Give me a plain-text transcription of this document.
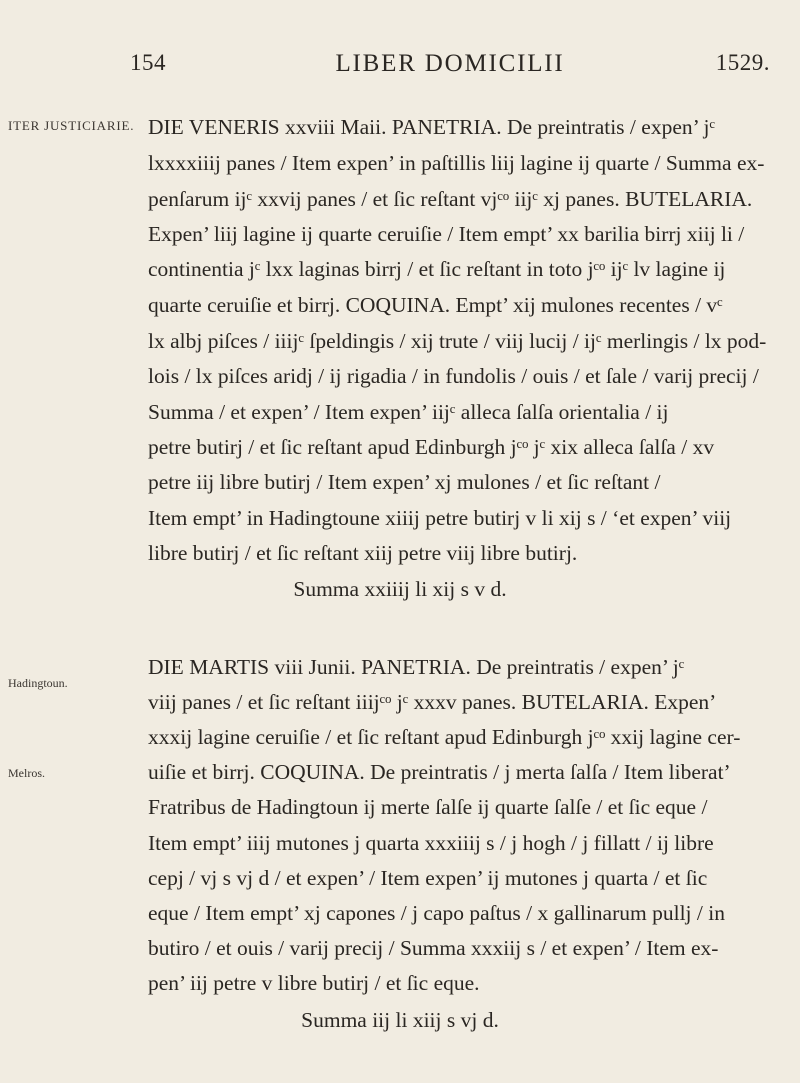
154	LIBER DOMICILII	1529.
ITER JUSTICIARIE.
Hadingtoun.
Melros.
DIE VENERIS xxviii Maii. PANETRIA. De preintratis / expen’ jᶜ
lxxxxiiij panes / Item expen’ in paſtillis liij lagine ij quarte / Summa ex-
penſarum ijᶜ xxvij panes / et ſic reſtant vjᶜᵒ iijᶜ xj panes. BUTELARIA.
Expen’ liij lagine ij quarte ceruiſie / Item empt’ xx barilia birrj xiij li /
continentia jᶜ lxx laginas birrj / et ſic reſtant in toto jᶜᵒ ijᶜ lv lagine ij
quarte ceruiſie et birrj. COQUINA. Empt’ xij mulones recentes / vᶜ
lx albj piſces / iiijᶜ ſpeldingis / xij trute / viij lucij / ijᶜ merlingis / lx pod-
lois / lx piſces aridj / ij rigadia / in fundolis / ouis / et ſale / varij precij /
Summa / et expen’ / Item expen’ iijᶜ alleca ſalſa orientalia / ij
petre butirj / et ſic reſtant apud Edinburgh jᶜᵒ jᶜ xix alleca ſalſa / xv
petre iij libre butirj / Item expen’ xj mulones / et ſic reſtant /
Item empt’ in Hadingtoune xiiij petre butirj v li xij s / ‘et expen’ viij
libre butirj / et ſic reſtant xiij petre viij libre butirj.
Summa xxiiij li xij s v d.
DIE MARTIS viii Junii. PANETRIA. De preintratis / expen’ jᶜ
viij panes / et ſic reſtant iiijᶜᵒ jᶜ xxxv panes. BUTELARIA. Expen’
xxxij lagine ceruiſie / et ſic reſtant apud Edinburgh jᶜᵒ xxij lagine cer-
uiſie et birrj. COQUINA. De preintratis / j merta ſalſa / Item liberat’
Fratribus de Hadingtoun ij merte ſalſe ij quarte ſalſe / et ſic eque /
Item empt’ iiij mutones j quarta xxxiiij s / j hogh / j fillatt / ij libre
cepj / vj s vj d / et expen’ / Item expen’ ij mutones j quarta / et ſic
eque / Item empt’ xj capones / j capo paſtus / x gallinarum pullj / in
butiro / et ouis / varij precij / Summa xxxiij s / et expen’ / Item ex-
pen’ iij petre v libre butirj / et ſic eque.
Summa iij li xiij s vj d.
